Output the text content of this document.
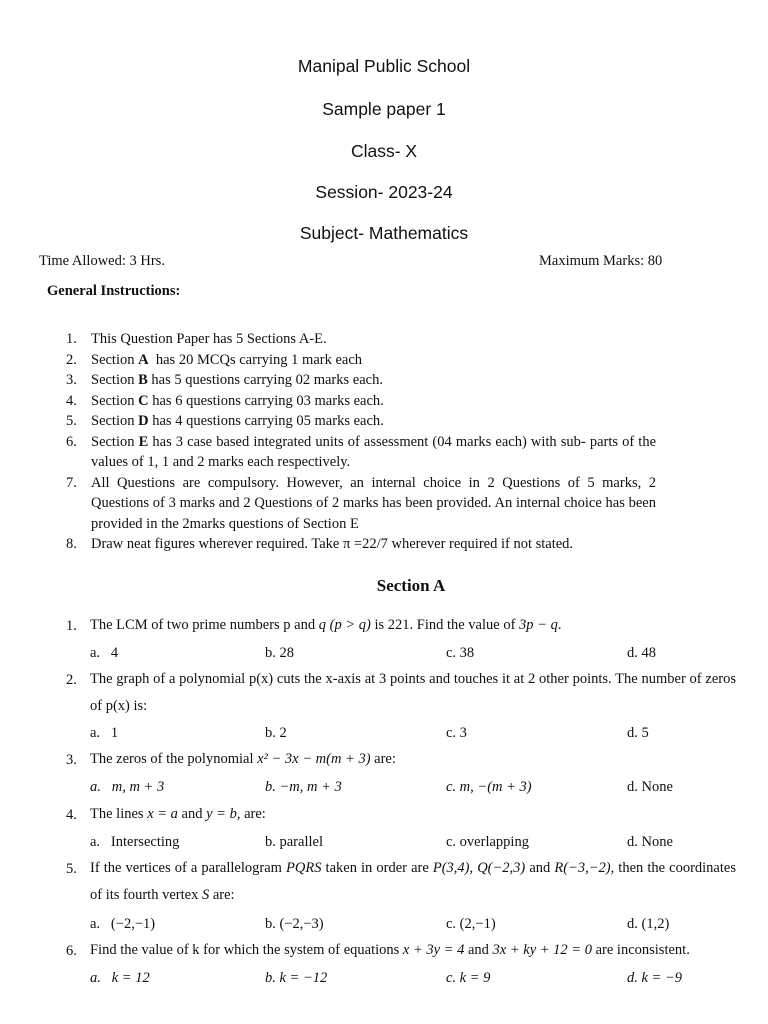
Manipal Public School
Sample paper 1
Class- X
Session- 2023-24
Subject- Mathematics
Time Allowed: 3 Hrs.	Maximum Marks: 80
General Instructions:
1. This Question Paper has 5 Sections A-E.
2. Section A  has 20 MCQs carrying 1 mark each
3. Section B has 5 questions carrying 02 marks each.
4. Section C has 6 questions carrying 03 marks each.
5. Section D has 4 questions carrying 05 marks each.
6. Section E has 3 case based integrated units of assessment (04 marks each) with sub- parts of the values of 1, 1 and 2 marks each respectively.
7. All Questions are compulsory. However, an internal choice in 2 Questions of 5 marks, 2 Questions of 3 marks and 2 Questions of 2 marks has been provided. An internal choice has been provided in the 2marks questions of Section E
8. Draw neat figures wherever required. Take π =22/7 wherever required if not stated.
Section A
1. The LCM of two prime numbers p and q (p > q) is 221. Find the value of 3p − q.
a.   4	b. 28	c. 38	d. 48
2. The graph of a polynomial p(x) cuts the x-axis at 3 points and touches it at 2 other points. The number of zeros of p(x) is:
a.   1	b. 2	c. 3	d. 5
3. The zeros of the polynomial x² − 3x − m(m + 3) are:
a.   m, m + 3	b. −m, m + 3	c. m, −(m + 3)	d. None
4. The lines x = a and y = b, are:
a.   Intersecting	b. parallel	c. overlapping	d. None
5. If the vertices of a parallelogram PQRS taken in order are P(3,4), Q(−2,3) and R(−3,−2), then the coordinates of its fourth vertex S are:
a.   (−2,−1)	b. (−2,−3)	c. (2,−1)	d. (1,2)
6. Find the value of k for which the system of equations x + 3y = 4 and 3x + ky + 12 = 0 are inconsistent.
a.   k = 12	b. k = −12	c. k = 9	d. k = −9
